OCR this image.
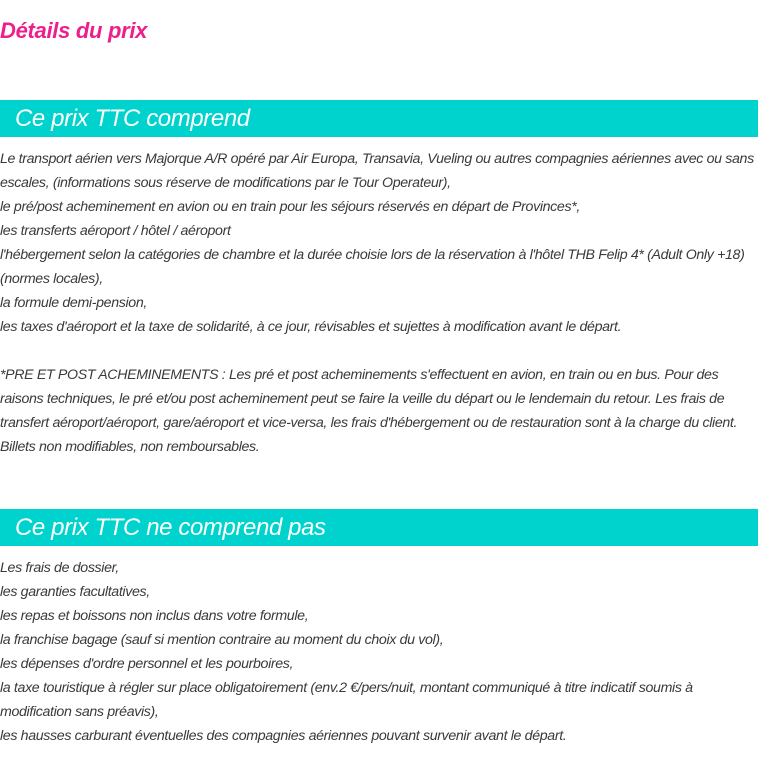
Détails du prix
Ce prix TTC comprend
Le transport aérien vers Majorque A/R opéré par Air Europa, Transavia, Vueling ou autres compagnies aériennes avec ou sans escales, (informations sous réserve de modifications par le Tour Operateur),
le pré/post acheminement en avion ou en train pour les séjours réservés en départ de Provinces*,
les transferts aéroport / hôtel / aéroport
l'hébergement selon la catégories de chambre et la durée choisie lors de la réservation à l'hôtel THB Felip 4* (Adult Only +18) (normes locales),
la formule demi-pension,
les taxes d'aéroport et la taxe de solidarité, à ce jour, révisables et sujettes à modification avant le départ.
*PRE ET POST ACHEMINEMENTS : Les pré et post acheminements s'effectuent en avion, en train ou en bus. Pour des raisons techniques, le pré et/ou post acheminement peut se faire la veille du départ ou le lendemain du retour. Les frais de transfert aéroport/aéroport, gare/aéroport et vice-versa, les frais d'hébergement ou de restauration sont à la charge du client. Billets non modifiables, non remboursables.
Ce prix TTC ne comprend pas
Les frais de dossier,
les garanties facultatives,
les repas et boissons non inclus dans votre formule,
la franchise bagage (sauf si mention contraire au moment du choix du vol),
les dépenses d'ordre personnel et les pourboires,
la taxe touristique à régler sur place obligatoirement (env.2 €/pers/nuit, montant communiqué à titre indicatif soumis à modification sans préavis),
les hausses carburant éventuelles des compagnies aériennes pouvant survenir avant le départ.
